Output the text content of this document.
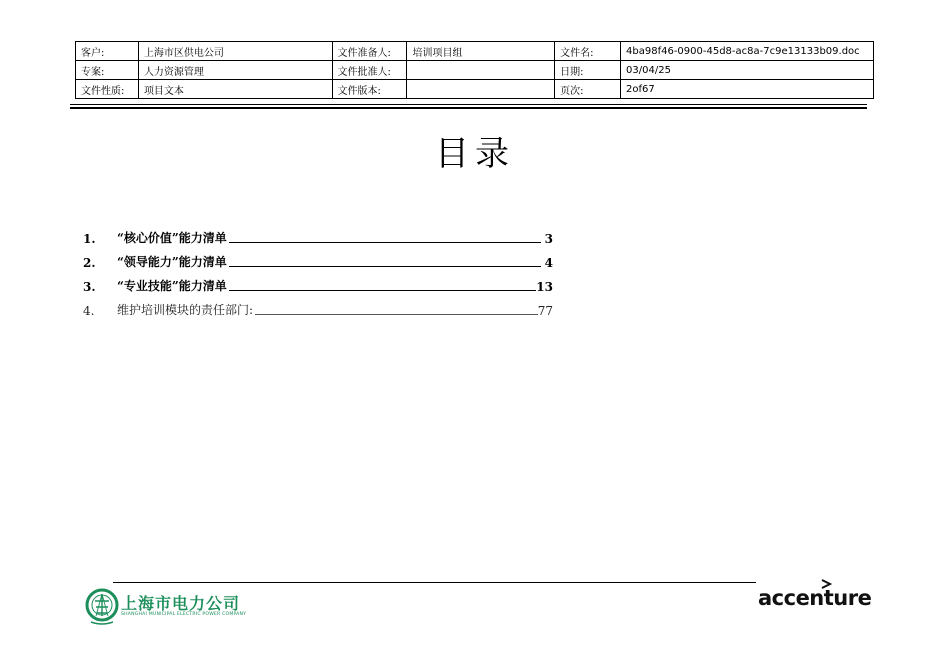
客户:	上海市区供电公司	文件准备人:	培训项目组	文件名:	4ba98f46-0900-45d8-ac8a-7c9e13133b09.doc
专案:	人力资源管理	文件批准人:		日期:	03/04/25
文件性质:	项目文本	文件版本:		页次:	2of67
目录
1.	“核心价值”能力清单	3
2.	“领导能力”能力清单	4
3.	“专业技能”能力清单	13
4.	维护培训模块的责任部门:	77
上海市电力公司
SHANGHAI MUNICIPAL ELECTRIC POWER COMPANY
accenture
